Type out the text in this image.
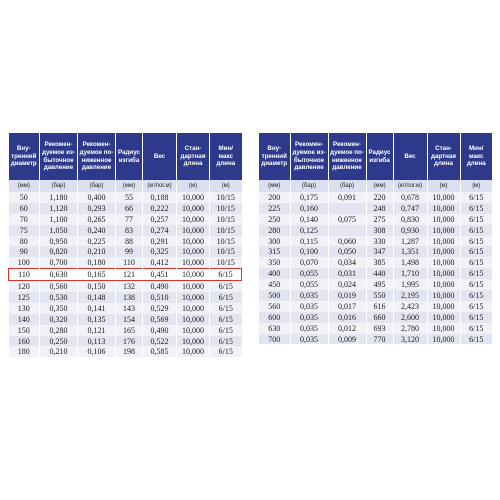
Вну-
тренний
диаметр	Рекомен-
дуемое из-
быточное
давление	Рекомен-
дуемое по-
ниженное
давление	Радиус
изгиба	Вес	Стан-
дартная
длина	Мин/
макс
длина
(мм)	(бар)	(бар)	(мм)	(кг/пог.м)	(м)	(м)
50	1,180	0,400	55	0,188	10,000	10/15
60	1,120	0,293	66	0,222	10,000	10/15
70	1,100	0,265	77	0,257	10,000	10/15
75	1,050	0,240	83	0,274	10,000	10/15
80	0,950	0,225	88	0,291	10,000	10/15
90	0,820	0,210	99	0,325	10,000	10/15
100	0,700	0,180	110	0,412	10,000	10/15
110	0,630	0,165	121	0,451	10,000	6/15
120	0,560	0,150	132	0,490	10,000	6/15
125	0,530	0,148	138	0,510	10,000	6/15
130	0,350	0,141	143	0,529	10,000	6/15
140	0,320	0,135	154	0,569	10,000	6/15
150	0,280	0,121	165	0,490	10,000	6/15
160	0,250	0,113	176	0,522	10,000	6/15
180	0,210	0,106	198	0,585	10,000	6/15
Вну-
тренний
диаметр	Рекомен-
дуемое из-
быточное
давление	Рекомен-
дуемое по-
ниженное
давление	Радиус
изгиба	Вес	Стан-
дартная
длина	Мин/
макс
длина
(мм)	(бар)	(бар)	(мм)	(кг/пог.м)	(м)	(м)
200	0,175	0,091	220	0,678	10,000	6/15
225	0,160		248	0,747	10,000	6/15
250	0,140	0,075	275	0,830	10,000	6/15
280	0,125		308	0,930	10,000	6/15
300	0,115	0,060	330	1,287	10,000	6/15
315	0,100	0,050	347	1,351	10,000	6/15
350	0,070	0,034	385	1,498	10,000	6/15
400	0,055	0,031	440	1,710	10,000	6/15
450	0,055	0,024	495	1,995	10,000	6/15
500	0,035	0,019	550	2,195	10,000	6/15
560	0,035	0,017	616	2,423	10,000	6/15
600	0,035	0,016	660	2,600	10,000	6/15
630	0,035	0,012	693	2,780	10,000	6/15
700	0,035	0,009	770	3,120	10,000	6/15
